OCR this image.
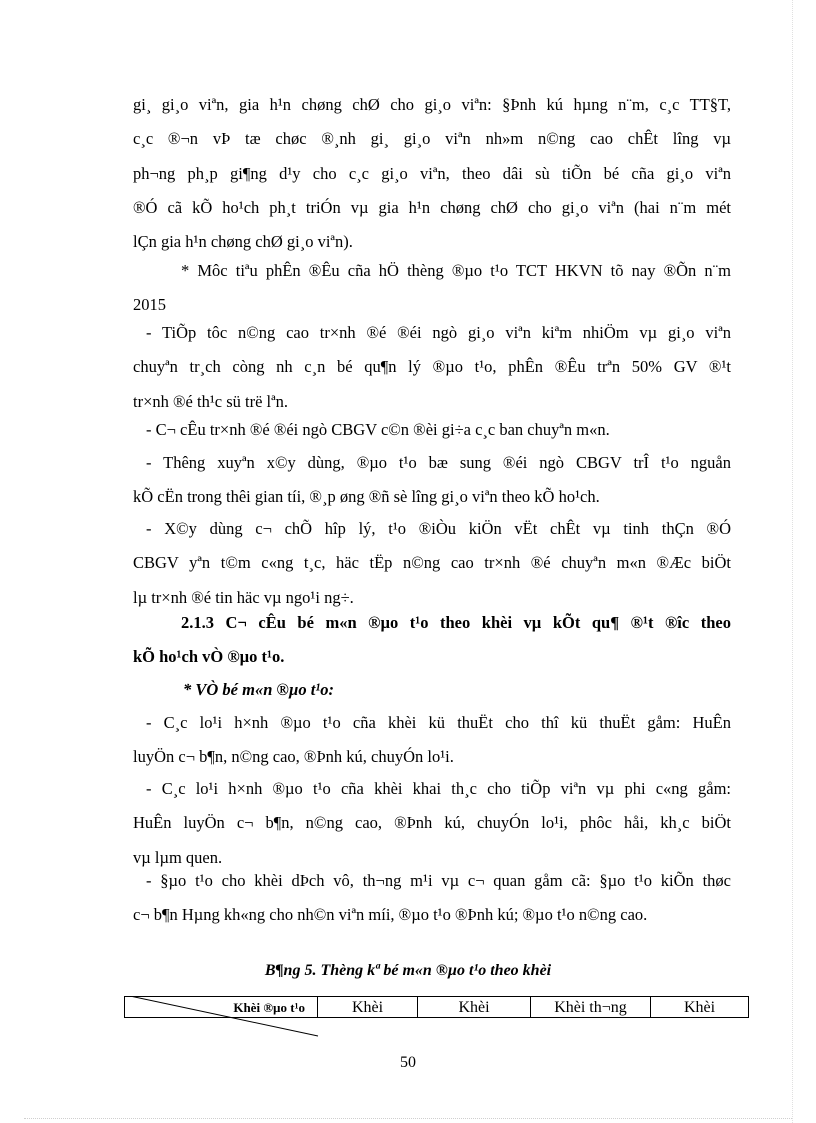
gi¸ gi¸o viªn, gia h¹n chøng chØ cho gi¸o viªn: §Þnh kú hµng n¨m, c¸c TT§T,
c¸c ®¬n vÞ tæ chøc ®¸nh gi¸ gi¸o viªn nh»m n©ng cao chÊt lîng vµ
ph¬ng ph¸p gi¶ng d¹y cho c¸c gi¸o viªn, theo dâi sù tiÕn bé cña gi¸o viªn
®Ó cã kÕ ho¹ch ph¸t triÓn vµ gia h¹n chøng chØ cho gi¸o viªn (hai n¨m mét
lÇn gia h¹n chøng chØ gi¸o viªn).
* Môc tiªu phÊn ®Êu cña hÖ thèng ®µo t¹o TCT HKVN tõ nay ®Õn n¨m
2015
- TiÕp tôc n©ng cao tr×nh ®é ®éi ngò gi¸o viªn kiªm nhiÖm vµ gi¸o viªn
chuyªn tr¸ch còng nh c¸n bé qu¶n lý ®µo t¹o, phÊn ®Êu trªn 50% GV ®¹t
tr×nh ®é th¹c sü trë lªn.
- C¬ cÊu tr×nh ®é ®éi ngò CBGV c©n ®èi gi÷a c¸c ban chuyªn m«n.
- Thêng xuyªn x©y dùng, ®µo t¹o bæ sung ®éi ngò CBGV trÎ t¹o nguån
kÕ cËn trong thêi gian tíi, ®¸p øng ®ñ sè lîng gi¸o viªn theo kÕ ho¹ch.
- X©y dùng c¬ chÕ hîp lý, t¹o ®iÒu kiÖn vËt chÊt vµ tinh thÇn ®Ó
CBGV yªn t©m c«ng t¸c, häc tËp n©ng cao tr×nh ®é chuyªn m«n ®Æc biÖt
lµ tr×nh ®é tin häc vµ ngo¹i ng÷.
2.1.3 C¬ cÊu bé m«n ®µo t¹o theo khèi vµ kÕt qu¶ ®¹t ®îc theo
kÕ ho¹ch vÒ ®µo t¹o.
* VÒ bé m«n ®µo t¹o:
- C¸c lo¹i h×nh ®µo t¹o cña khèi kü thuËt cho thî kü thuËt gåm: HuÊn
luyÖn c¬ b¶n, n©ng cao, ®Þnh kú, chuyÓn lo¹i.
- C¸c lo¹i h×nh ®µo t¹o cña khèi khai th¸c cho tiÕp viªn vµ phi c«ng gåm:
HuÊn luyÖn c¬ b¶n, n©ng cao, ®Þnh kú, chuyÓn lo¹i, phôc håi, kh¸c biÖt
vµ lµm quen.
- §µo t¹o cho khèi dÞch vô, th¬ng m¹i vµ c¬ quan gåm cã: §µo t¹o kiÕn thøc
c¬ b¶n Hµng kh«ng cho nh©n viªn míi, ®µo t¹o ®Þnh kú; ®µo t¹o n©ng cao.
B¶ng 5. Thèng kª bé m«n ®µo t¹o theo khèi
Khèi ®µo t¹o	Khèi	Khèi	Khèi th¬ng	Khèi
50
